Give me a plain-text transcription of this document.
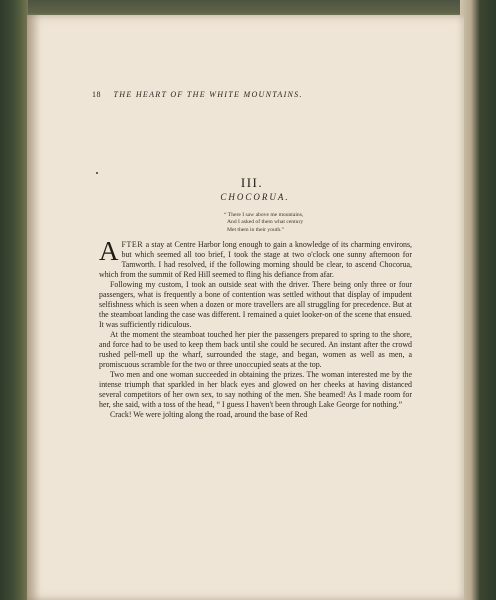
18 THE HEART OF THE WHITE MOUNTAINS.
III.
CHOCORUA.
“ There I saw above me mountains,
And I asked of them what century
Met them in their youth.”

AFTER a stay at Centre Harbor long enough to gain a knowledge of its charming environs, but which seemed all too brief, I took the stage at two o'clock one sunny afternoon for Tamworth. I had resolved, if the following morning should be clear, to ascend Chocorua, which from the summit of Red Hill seemed to fling his defiance from afar.

Following my custom, I took an outside seat with the driver. There being only three or four passengers, what is frequently a bone of contention was settled without that display of impudent selfishness which is seen when a dozen or more travellers are all struggling for precedence. But at the steamboat landing the case was different. I remained a quiet looker-on of the scene that ensued. It was sufficiently ridiculous.

At the moment the steamboat touched her pier the passengers prepared to spring to the shore, and force had to be used to keep them back until she could be secured. An instant after the crowd rushed pell-mell up the wharf, surrounded the stage, and began, women as well as men, a promiscuous scramble for the two or three unoccupied seats at the top.

Two men and one woman succeeded in obtaining the prizes. The woman interested me by the intense triumph that sparkled in her black eyes and glowed on her cheeks at having distanced several competitors of her own sex, to say nothing of the men. She beamed! As I made room for her, she said, with a toss of the head, “ I guess I haven't been through Lake George for nothing.”

Crack! We were jolting along the road, around the base of Red
